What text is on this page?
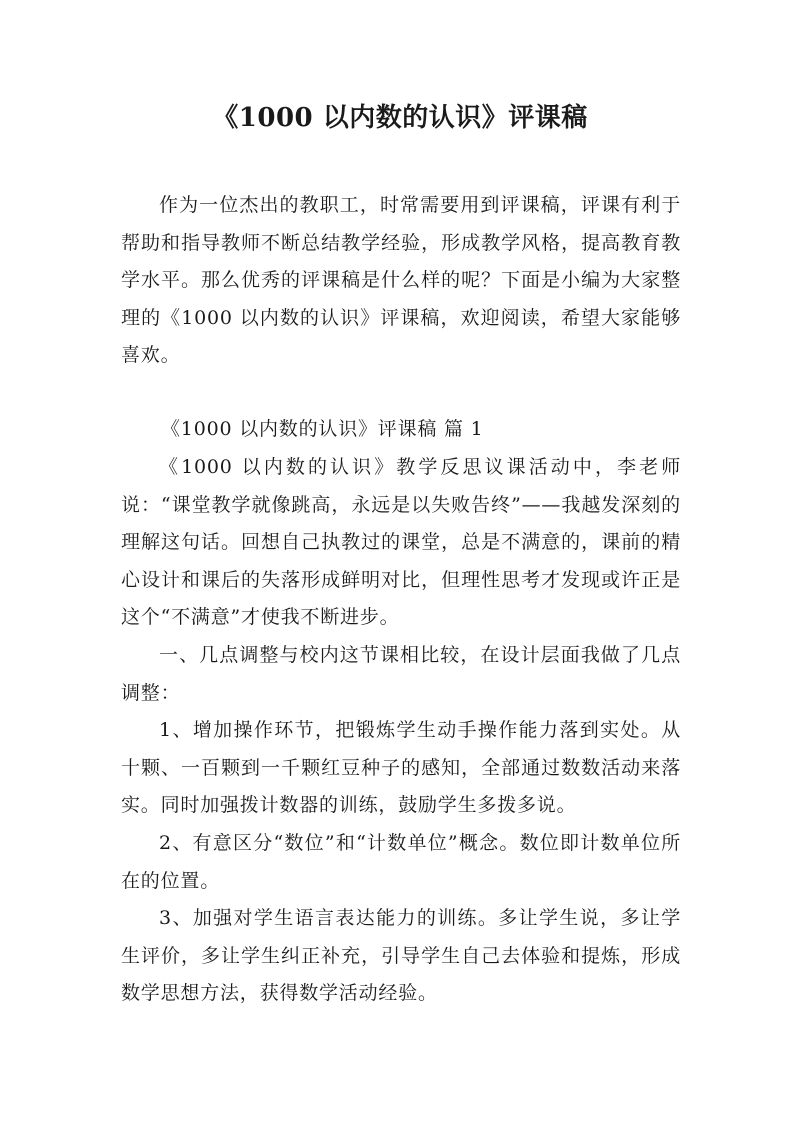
《1000 以内数的认识》评课稿

作为一位杰出的教职工，时常需要用到评课稿，评课有利于帮助和指导教师不断总结教学经验，形成教学风格，提高教育教学水平。那么优秀的评课稿是什么样的呢？下面是小编为大家整理的《1000 以内数的认识》评课稿，欢迎阅读，希望大家能够喜欢。

《1000 以内数的认识》评课稿 篇 1

《1000 以内数的认识》教学反思议课活动中，李老师说：“课堂教学就像跳高，永远是以失败告终”——我越发深刻的理解这句话。回想自己执教过的课堂，总是不满意的，课前的精心设计和课后的失落形成鲜明对比，但理性思考才发现或许正是这个“不满意”才使我不断进步。

一、几点调整与校内这节课相比较，在设计层面我做了几点调整：

1、增加操作环节，把锻炼学生动手操作能力落到实处。从十颗、一百颗到一千颗红豆种子的感知，全部通过数数活动来落实。同时加强拨计数器的训练，鼓励学生多拨多说。

2、有意区分“数位”和“计数单位”概念。数位即计数单位所在的位置。

3、加强对学生语言表达能力的训练。多让学生说，多让学生评价，多让学生纠正补充，引导学生自己去体验和提炼，形成数学思想方法，获得数学活动经验。
